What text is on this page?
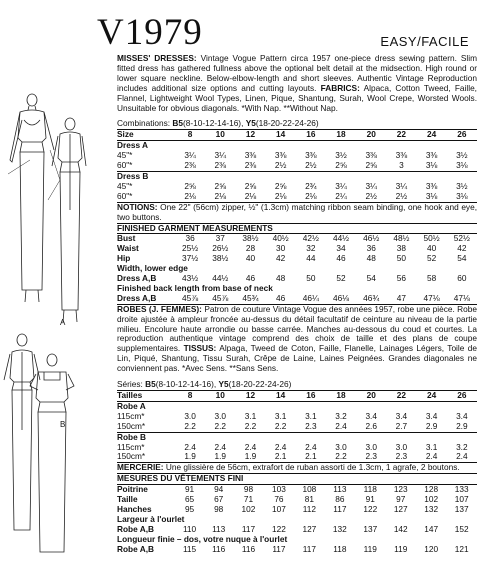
V1979	EASY/FACILE
A
B

MISSES' DRESSES: Vintage Vogue Pattern circa 1957 one-piece dress sewing pattern. Slim fitted dress has gathered fullness above the optional belt detail at the midsection. High round or lower square neckline. Below-elbow-length and short sleeves. Authentic Vintage Reproduction includes additional size options and cutting layouts. FABRICS: Alpaca, Cotton Tweed, Faille, Flannel, Lightweight Wool Types, Linen, Pique, Shantung, Surah, Wool Crepe, Worsted Wools. Unsuitable for obvious diagonals. *With Nap. **Without Nap.

Combinations: B5(8-10-12-14-16), Y5(18-20-22-24-26)
Size	8	10	12	14	16	18	20	22	24	26
Dress A										
45"*	3¼	3¼	3⅜	3⅜	3⅜	3½	3⅜	3⅜	3⅜	3½
60"*	2⅜	2⅜	2⅜	2½	2½	2⅝	2⅝	3	3⅛	3⅛
Dress B										
45"*	2⅝	2⅝	2⅝	2⅝	2¾	3¼	3¼	3¼	3⅜	3½
60"*	2⅛	2⅛	2⅛	2⅛	2⅛	2¼	2½	2½	3⅛	3⅛

NOTIONS: One 22" (56cm) zipper, ½" (1.3cm) matching ribbon seam binding, one hook and eye, two buttons.

FINISHED GARMENT MEASUREMENTS										
Bust	36	37	38½	40½	42½	44½	46½	48½	50½	52½
Waist	25½	26½	28	30	32	34	36	38	40	42
Hip	37½	38½	40	42	44	46	48	50	52	54
Width, lower edge										
Dress A,B	43½	44½	46	48	50	52	54	56	58	60
Finished back length from base of neck										
Dress A,B	45⅞	45⅞	45¾	46	46¼	46⅛	46¾	47	47⅛	47⅛

ROBES (J. FEMMES): Patron de couture Vintage Vogue des années 1957, robe une pièce. Robe droite ajustée à ampleur froncée au-dessus du détail facultatif de ceinture au niveau de la partie milieu. Encolure haute arrondie ou basse carrée. Manches au-dessous du coud et courtes. La reproduction authentique vintage comprend des choix de taille et des plans de coupe supplementaires. TISSUS: Alpaga, Tweed de Coton, Faille, Flanelle, Lainages Légers, Toile de Lin, Piqué, Shantung, Tissu Surah, Crêpe de Laine, Laines Peignées. Grandes diagonales ne conviennent pas. *Avec Sens. **Sans Sens.

Séries: B5(8-10-12-14-16), Y5(18-20-22-24-26)
Tailles	8	10	12	14	16	18	20	22	24	26
Robe A										
115cm*	3.0	3.0	3.1	3.1	3.1	3.2	3.4	3.4	3.4	3.4
150cm*	2.2	2.2	2.2	2.2	2.3	2.4	2.6	2.7	2.9	2.9
Robe B										
115cm*	2.4	2.4	2.4	2.4	2.4	3.0	3.0	3.0	3.1	3.2
150cm*	1.9	1.9	1.9	2.1	2.1	2.2	2.3	2.3	2.4	2.4

MERCERIE: Une glissière de 56cm, extrafort de ruban assorti de 1.3cm, 1 agrafe, 2 boutons.

MESURES DU VÊTEMENTS FINI										
Poitrine	91	94	98	103	108	113	118	123	128	133
Taille	65	67	71	76	81	86	91	97	102	107
Hanches	95	98	102	107	112	117	122	127	132	137
Largeur à l'ourlet										
Robe A,B	110	113	117	122	127	132	137	142	147	152
Longueur finie – dos, votre nuque à l'ourlet										
Robe A,B	115	116	116	117	117	118	119	119	120	121
